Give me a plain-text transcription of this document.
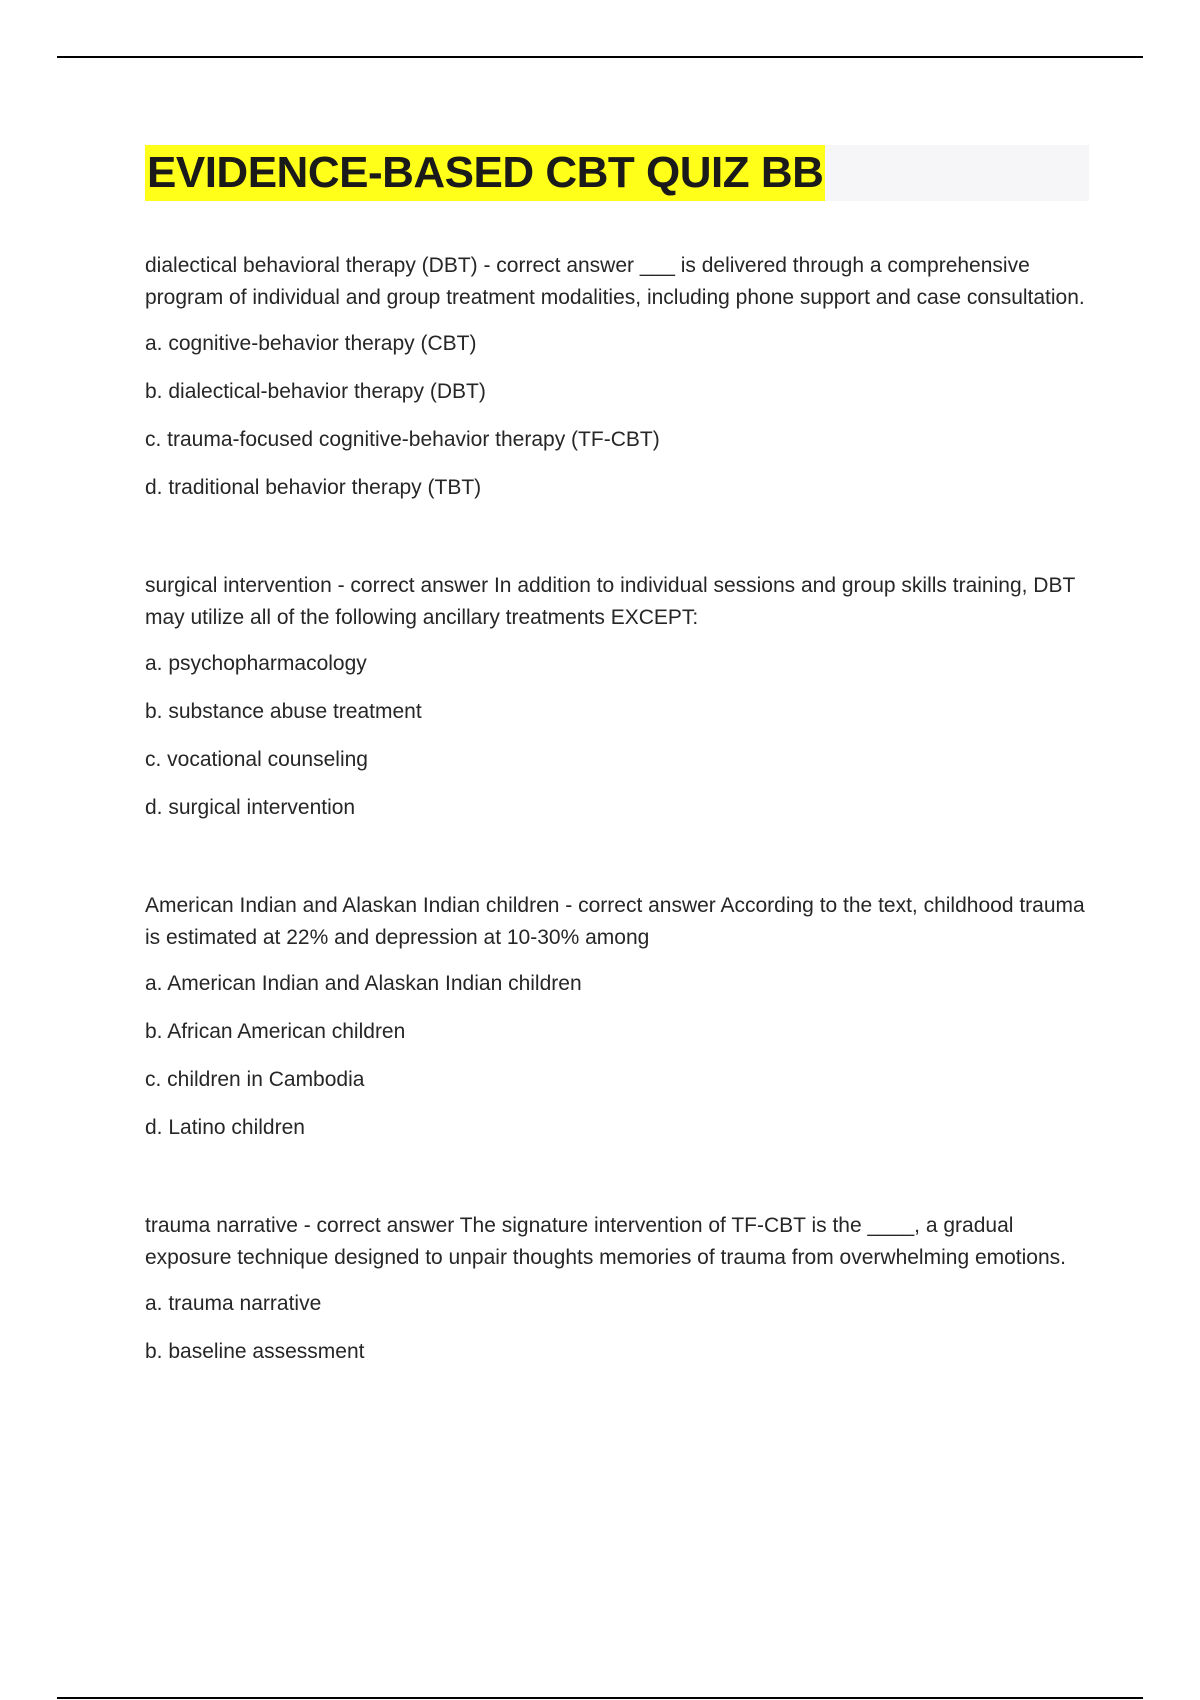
EVIDENCE-BASED CBT QUIZ BB

dialectical behavioral therapy (DBT) - correct answer ___ is delivered through a comprehensive program of individual and group treatment modalities, including phone support and case consultation.

a. cognitive-behavior therapy (CBT)

b. dialectical-behavior therapy (DBT)

c. trauma-focused cognitive-behavior therapy (TF-CBT)

d. traditional behavior therapy (TBT)

surgical intervention - correct answer In addition to individual sessions and group skills training, DBT may utilize all of the following ancillary treatments EXCEPT:

a. psychopharmacology

b. substance abuse treatment

c. vocational counseling

d. surgical intervention

American Indian and Alaskan Indian children - correct answer According to the text, childhood trauma is estimated at 22% and depression at 10-30% among

a. American Indian and Alaskan Indian children

b. African American children

c. children in Cambodia

d. Latino children

trauma narrative - correct answer The signature intervention of TF-CBT is the ____, a gradual exposure technique designed to unpair thoughts memories of trauma from overwhelming emotions.

a. trauma narrative

b. baseline assessment
